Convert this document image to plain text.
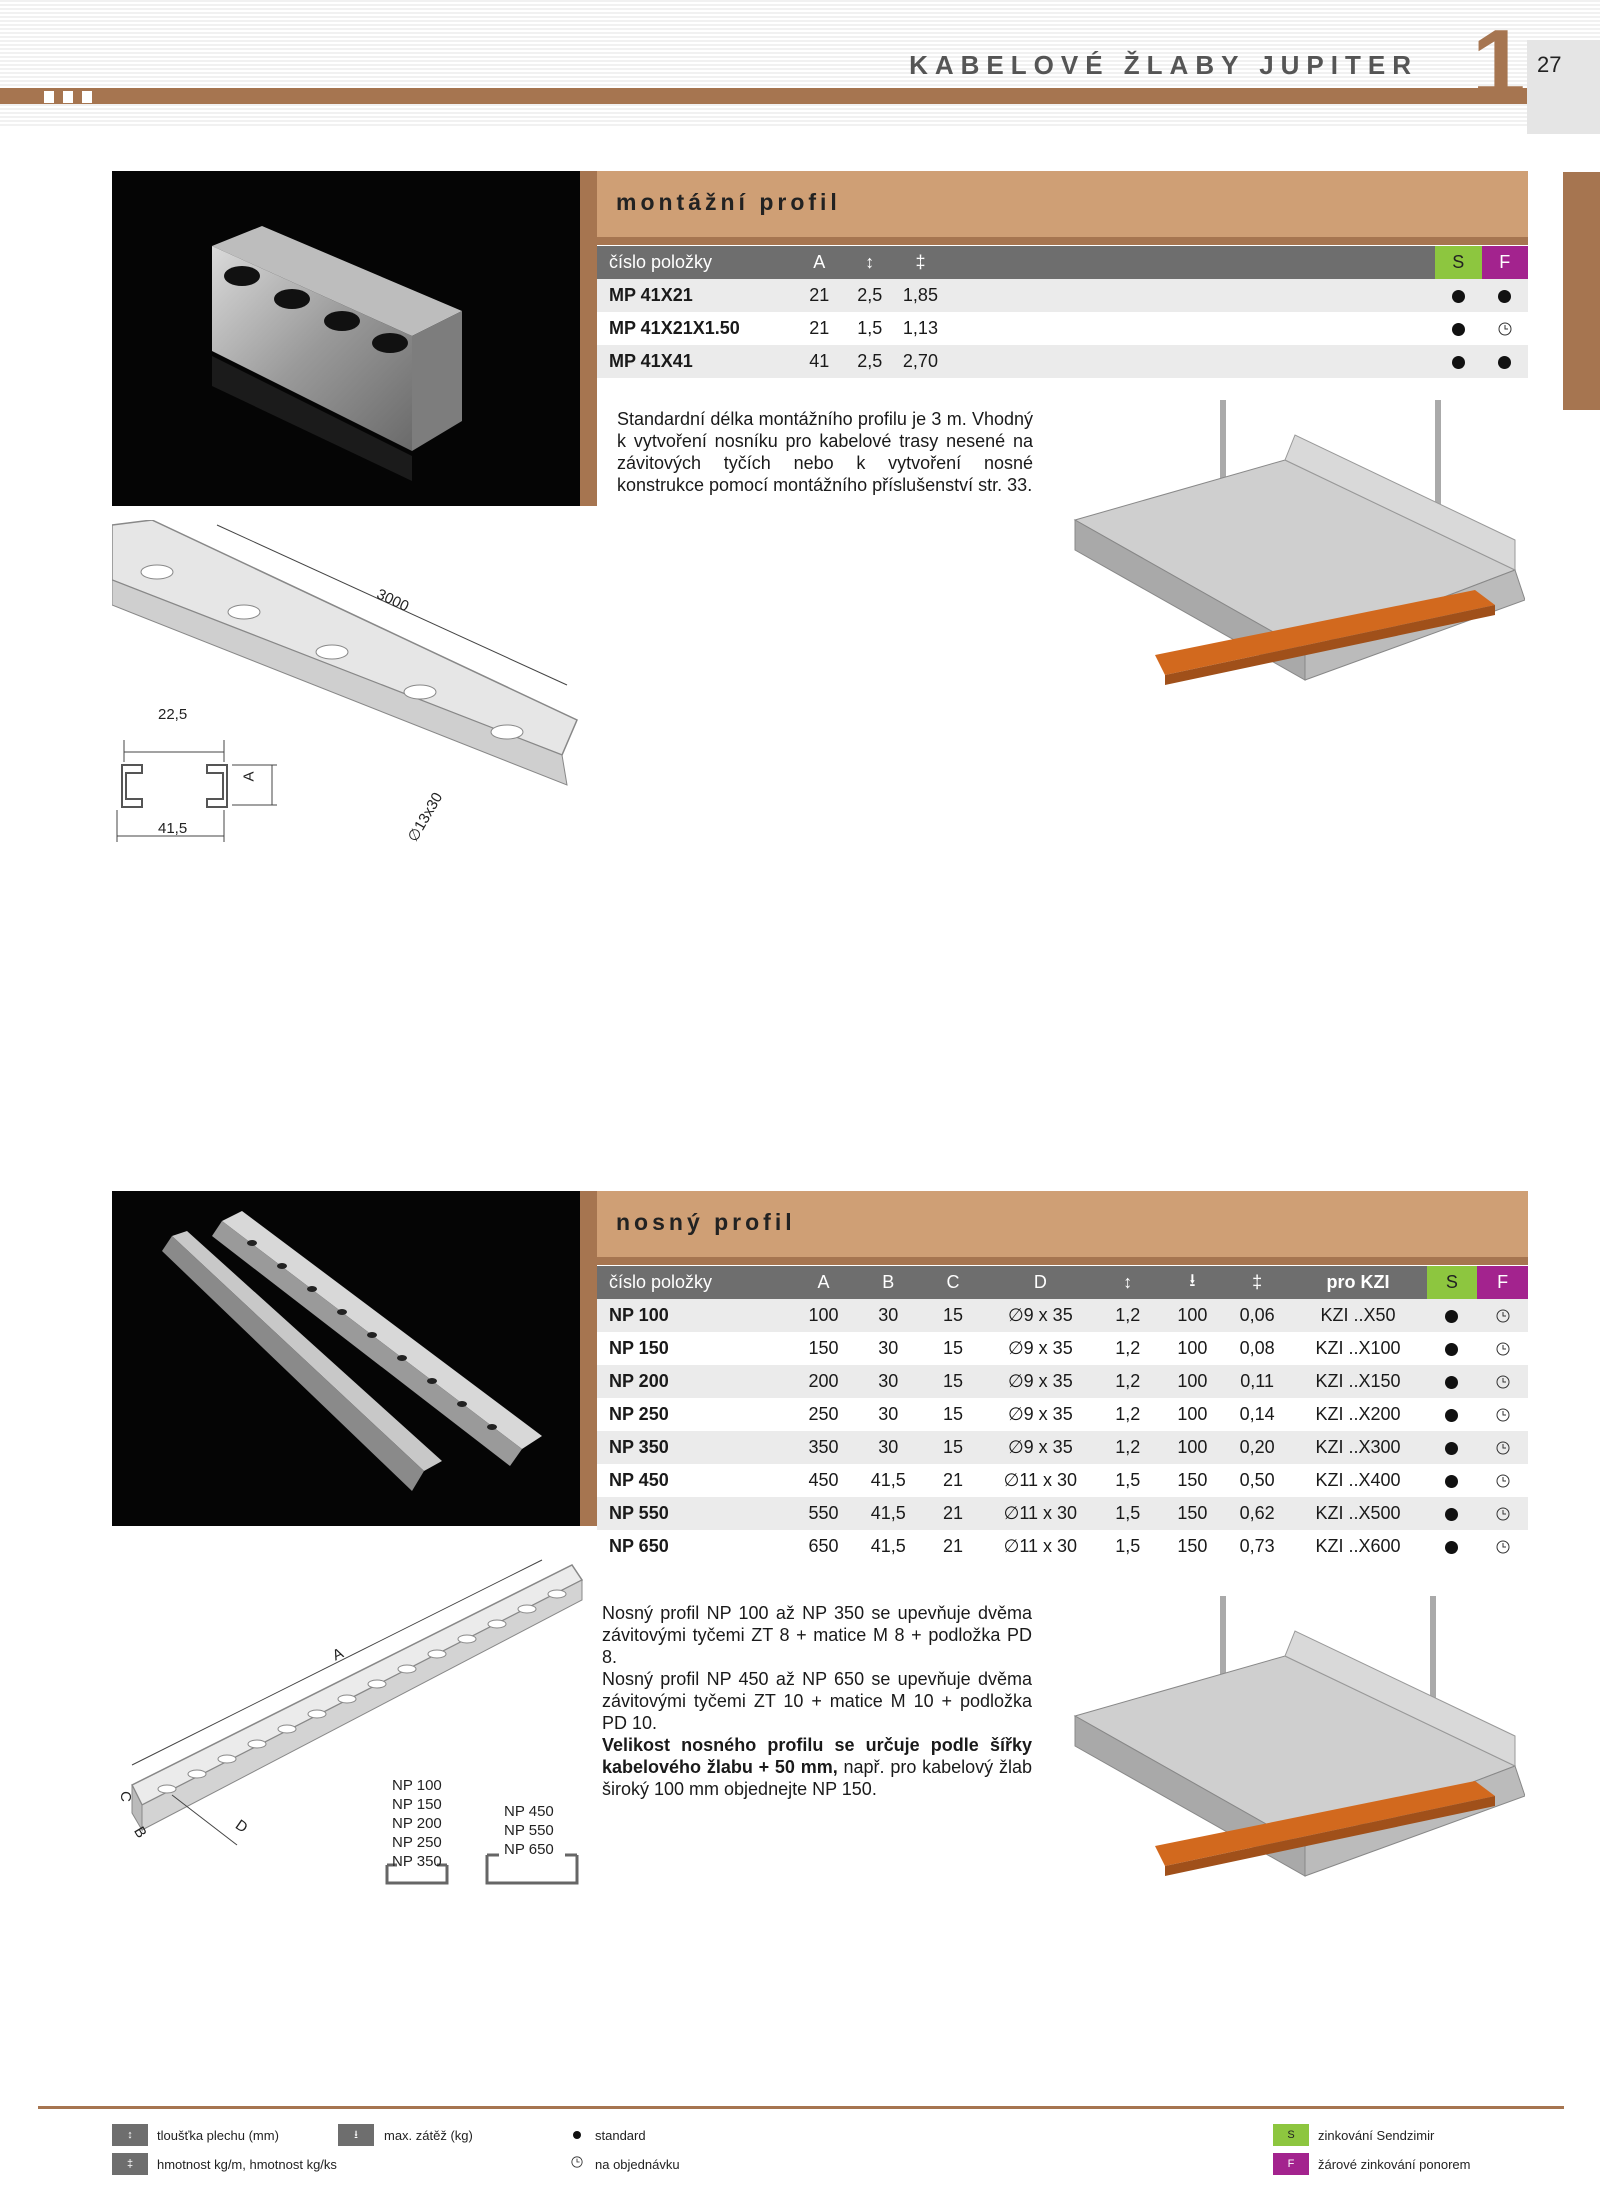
KABELOVÉ ŽLABY JUPITER 1 27
montážní profil
číslo položky	A	↕	‡		S	F
MP 41X21	21	2,5	1,85			
MP 41X21X1.50	21	1,5	1,13			
MP 41X41	41	2,5	2,70			
Standardní délka montážního profilu je 3 m. Vhodný k vytvoření nosníku pro kabelové trasy nesené na závitových tyčích nebo k vytvoření nosné konstrukce pomocí montážního příslušenství str. 33.
3000
22,5
41,5
A
∅13x30
nosný profil
číslo položky	A	B	C	D	↕	⭳	‡	pro KZI	S	F
NP 100	100	30	15	∅9 x 35	1,2	100	0,06	KZI ..X50		
NP 150	150	30	15	∅9 x 35	1,2	100	0,08	KZI ..X100		
NP 200	200	30	15	∅9 x 35	1,2	100	0,11	KZI ..X150		
NP 250	250	30	15	∅9 x 35	1,2	100	0,14	KZI ..X200		
NP 350	350	30	15	∅9 x 35	1,2	100	0,20	KZI ..X300		
NP 450	450	41,5	21	∅11 x 30	1,5	150	0,50	KZI ..X400		
NP 550	550	41,5	21	∅11 x 30	1,5	150	0,62	KZI ..X500		
NP 650	650	41,5	21	∅11 x 30	1,5	150	0,73	KZI ..X600		
Nosný profil NP 100 až NP 350 se upevňuje dvěma závitovými tyčemi ZT 8 + matice M 8 + podložka PD 8.
Nosný profil NP 450 až NP 650 se upevňuje dvěma závitovými tyčemi ZT 10 + matice M 10 + podložka PD 10.
Velikost nosného profilu se určuje podle šířky kabelového žlabu + 50 mm, např. pro kabelový žlab široký 100 mm objednejte NP 150.
A
B
C
D
NP 100
NP 150
NP 200
NP 250
NP 350
NP 450
NP 550
NP 650
↕	tloušťka plechu (mm)	⭳	max. zátěž (kg)
‡	hmotnost kg/m, hmotnost kg/ks
standard
na objednávku
S	zinkování Sendzimir
F	žárové zinkování ponorem
